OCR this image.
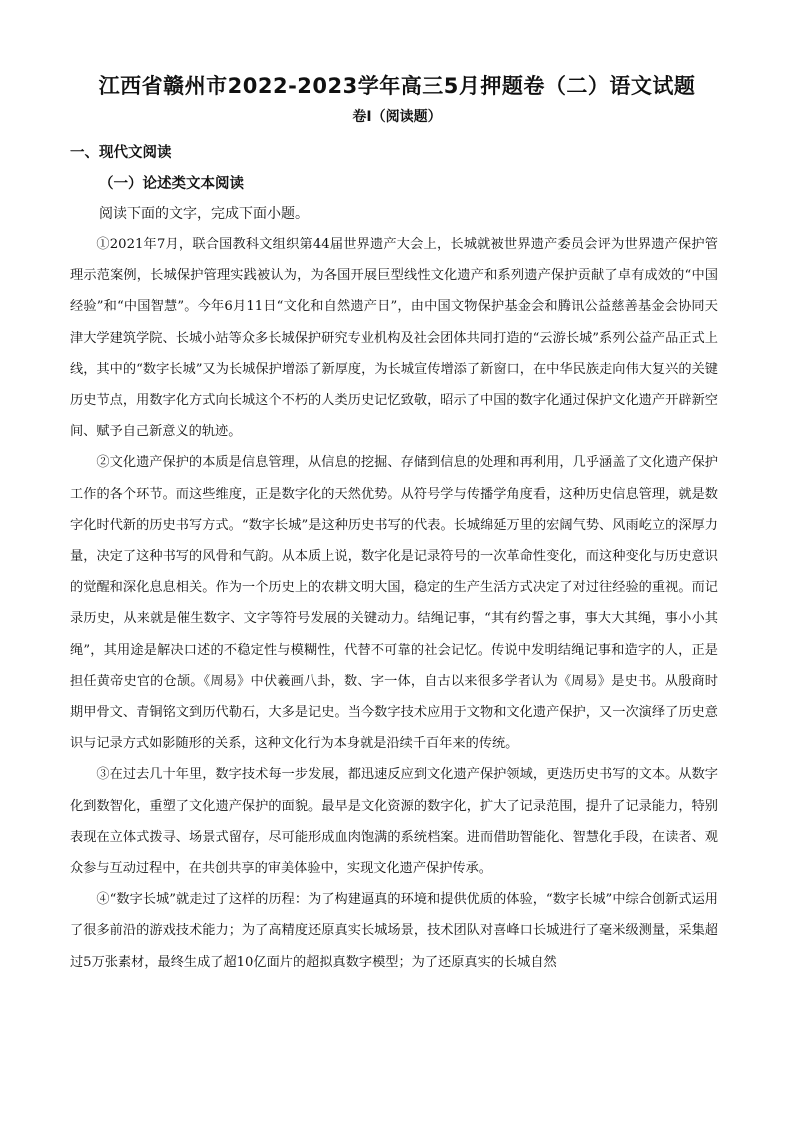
江西省赣州市2022-2023学年高三5月押题卷（二）语文试题
卷Ⅰ（阅读题）
一、现代文阅读
（一）论述类文本阅读
阅读下面的文字，完成下面小题。

①2021年7月，联合国教科文组织第44届世界遗产大会上，长城就被世界遗产委员会评为世界遗产保护管理示范案例，长城保护管理实践被认为，为各国开展巨型线性文化遗产和系列遗产保护贡献了卓有成效的“中国经验”和“中国智慧”。今年6月11日“文化和自然遗产日”，由中国文物保护基金会和腾讯公益慈善基金会协同天津大学建筑学院、长城小站等众多长城保护研究专业机构及社会团体共同打造的“云游长城”系列公益产品正式上线，其中的“数字长城”又为长城保护增添了新厚度，为长城宣传增添了新窗口，在中华民族走向伟大复兴的关键历史节点，用数字化方式向长城这个不朽的人类历史记忆致敬，昭示了中国的数字化通过保护文化遗产开辟新空间、赋予自己新意义的轨迹。

②文化遗产保护的本质是信息管理，从信息的挖掘、存储到信息的处理和再利用，几乎涵盖了文化遗产保护工作的各个环节。而这些维度，正是数字化的天然优势。从符号学与传播学角度看，这种历史信息管理，就是数字化时代新的历史书写方式。“数字长城”是这种历史书写的代表。长城绵延万里的宏阔气势、风雨屹立的深厚力量，决定了这种书写的风骨和气韵。从本质上说，数字化是记录符号的一次革命性变化，而这种变化与历史意识的觉醒和深化息息相关。作为一个历史上的农耕文明大国，稳定的生产生活方式决定了对过往经验的重视。而记录历史，从来就是催生数字、文字等符号发展的关键动力。结绳记事，“其有约誓之事，事大大其绳，事小小其绳”，其用途是解决口述的不稳定性与模糊性，代替不可靠的社会记忆。传说中发明结绳记事和造字的人，正是担任黄帝史官的仓颉。《周易》中伏羲画八卦，数、字一体，自古以来很多学者认为《周易》是史书。从殷商时期甲骨文、青铜铭文到历代勒石，大多是记史。当今数字技术应用于文物和文化遗产保护，又一次演绎了历史意识与记录方式如影随形的关系，这种文化行为本身就是沿续千百年来的传统。

③在过去几十年里，数字技术每一步发展，都迅速反应到文化遗产保护领域，更迭历史书写的文本。从数字化到数智化，重塑了文化遗产保护的面貌。最早是文化资源的数字化，扩大了记录范围，提升了记录能力，特别表现在立体式拨寻、场景式留存，尽可能形成血肉饱满的系统档案。进而借助智能化、智慧化手段，在读者、观众参与互动过程中，在共创共享的审美体验中，实现文化遗产保护传承。

④“数字长城”就走过了这样的历程：为了构建逼真的环境和提供优质的体验，“数字长城”中综合创新式运用了很多前沿的游戏技术能力；为了高精度还原真实长城场景，技术团队对喜峰口长城进行了毫米级测量，采集超过5万张素材，最终生成了超10亿面片的超拟真数字模型；为了还原真实的长城自然
